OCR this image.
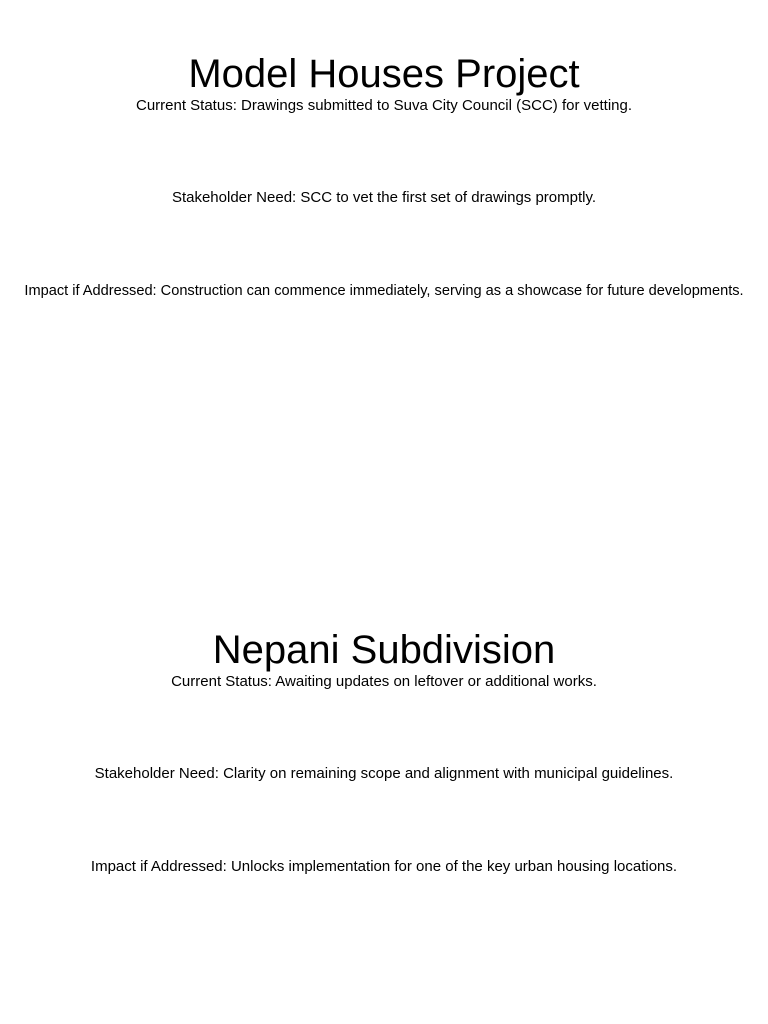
Model Houses Project
Current Status: Drawings submitted to Suva City Council (SCC) for vetting.
Stakeholder Need: SCC to vet the first set of drawings promptly.
Impact if Addressed: Construction can commence immediately, serving as a showcase for future developments.
Nepani Subdivision
Current Status: Awaiting updates on leftover or additional works.
Stakeholder Need: Clarity on remaining scope and alignment with municipal guidelines.
Impact if Addressed: Unlocks implementation for one of the key urban housing locations.
